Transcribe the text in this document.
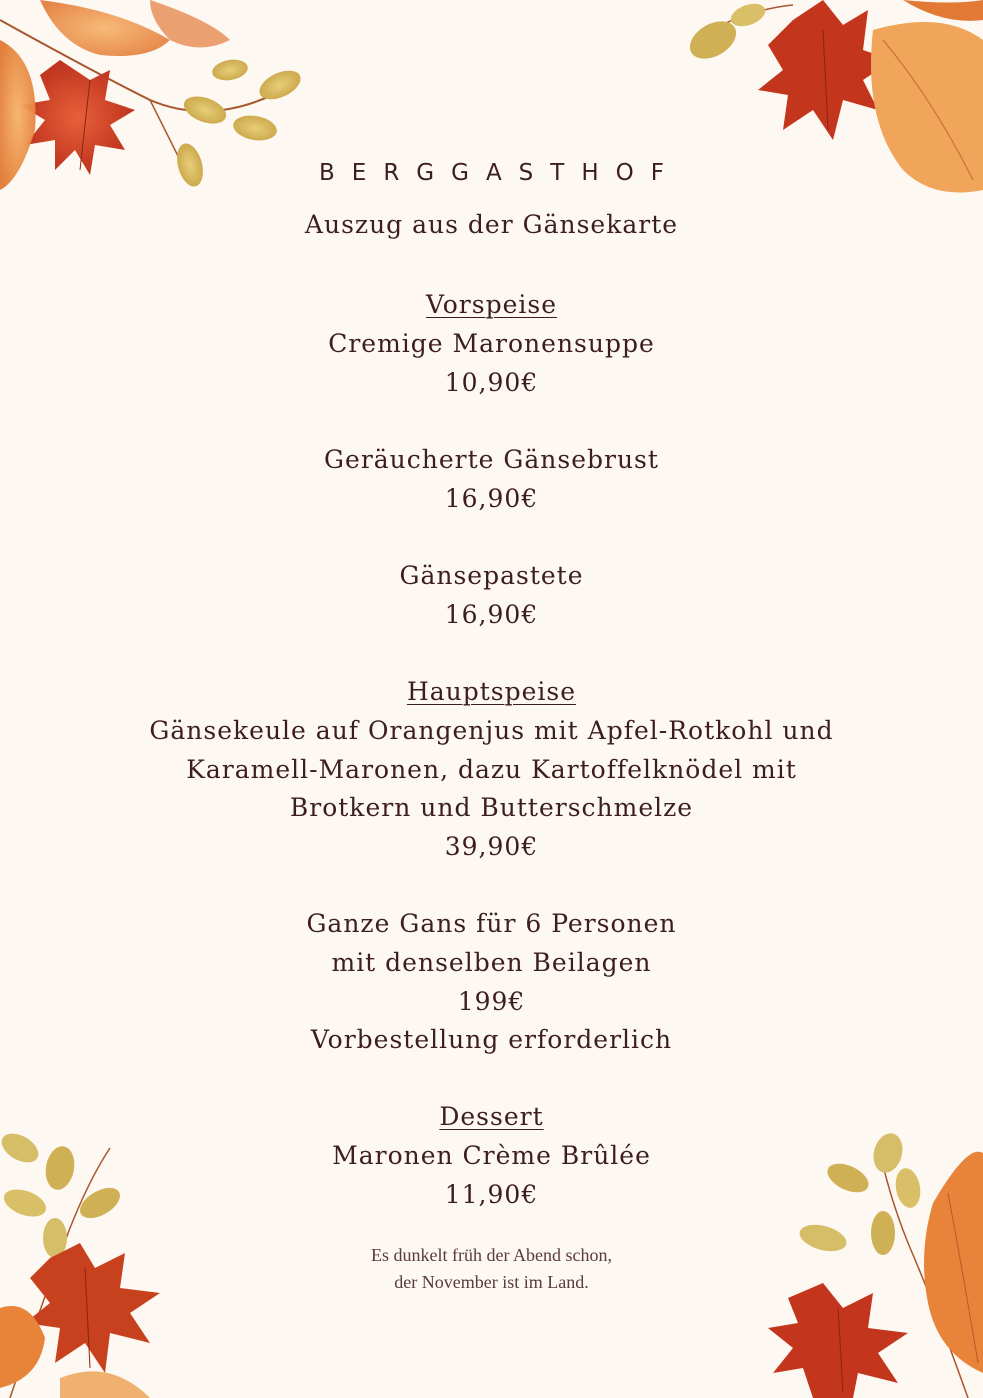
BERGGASTHOF
Auszug aus der Gänsekarte
Vorspeise
Cremige Maronensuppe
10,90€
Geräucherte Gänsebrust
16,90€
Gänsepastete
16,90€
Hauptspeise
Gänsekeule auf Orangenjus mit Apfel-Rotkohl und
Karamell-Maronen, dazu Kartoffelknödel mit
Brotkern und Butterschmelze
39,90€
Ganze Gans für 6 Personen
mit denselben Beilagen
199€
Vorbestellung erforderlich
Dessert
Maronen Crème Brûlée
11,90€
Es dunkelt früh der Abend schon,
der November ist im Land.
